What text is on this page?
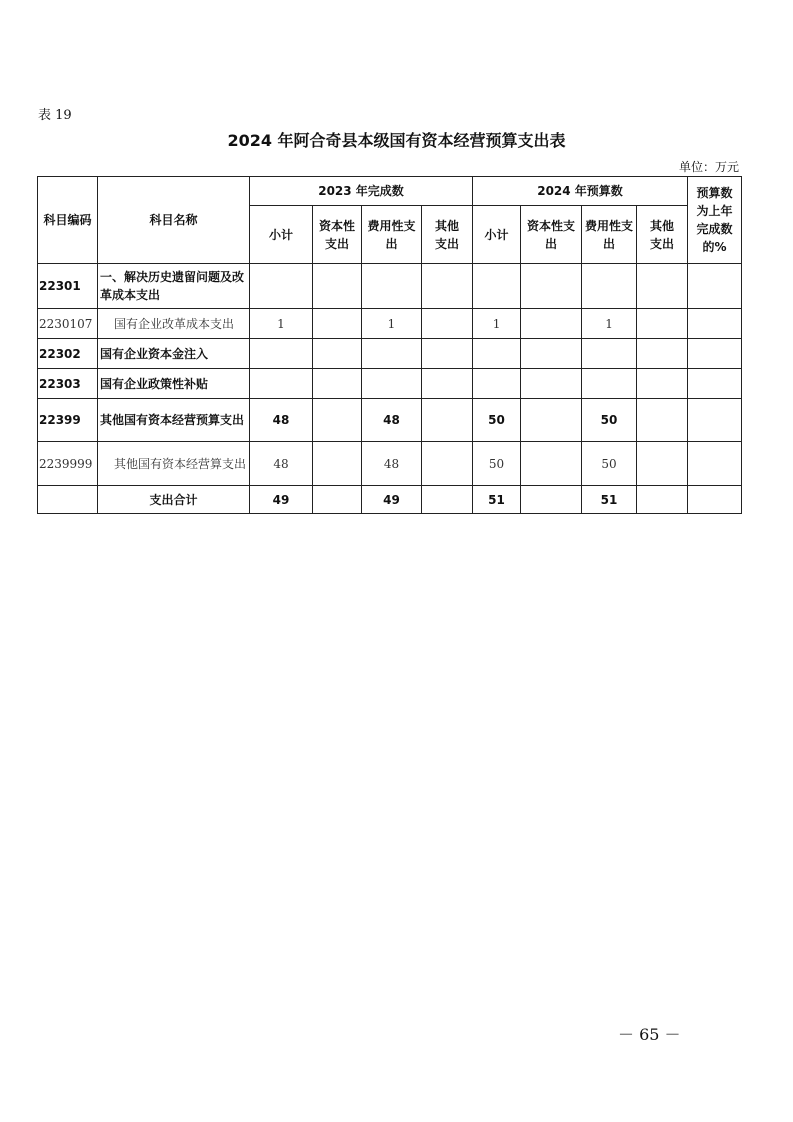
表 19
2024 年阿合奇县本级国有资本经营预算支出表
单位：万元
科目编码	科目名称	2023 年完成数				2024 年预算数				预算数为上年完成数的%
		小计	资本性支出	费用性支出	其他支出	小计	资本性支出	费用性支出	其他支出	
22301	一、解决历史遗留问题及改革成本支出									
2230107	国有企业改革成本支出	1		1		1		1		
22302	国有企业资本金注入									
22303	国有企业政策性补贴									
22399	其他国有资本经营预算支出	48		48		50		50		
2239999	其他国有资本经营算支出	48		48		50		50		
	支出合计	49		49		51		51		
－ 65 －
